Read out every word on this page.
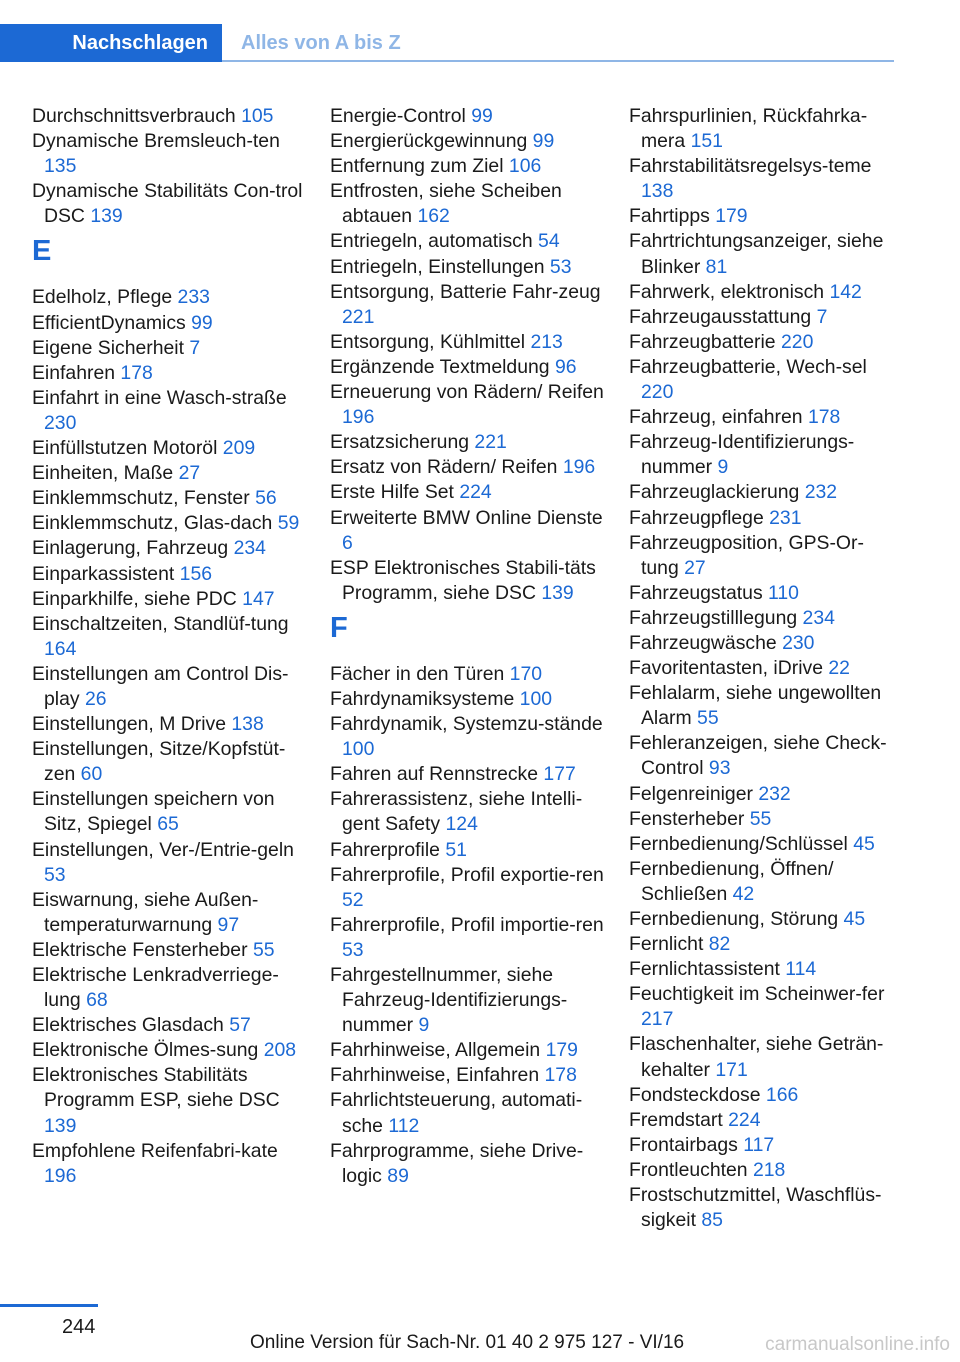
Nachschlagen	Alles von A bis Z
Durchschnittsverbrauch 105
Dynamische Bremsleuch-ten 135
Dynamische Stabilitäts Con-trol DSC 139
E
Edelholz, Pflege 233
EfficientDynamics 99
Eigene Sicherheit 7
Einfahren 178
Einfahrt in eine Wasch-straße 230
Einfüllstutzen Motoröl 209
Einheiten, Maße 27
Einklemmschutz, Fenster 56
Einklemmschutz, Glas-dach 59
Einlagerung, Fahrzeug 234
Einparkassistent 156
Einparkhilfe, siehe PDC 147
Einschaltzeiten, Standlüf-tung 164
Einstellungen am Control Dis-play 26
Einstellungen, M Drive 138
Einstellungen, Sitze/Kopfstüt-zen 60
Einstellungen speichern von Sitz, Spiegel 65
Einstellungen, Ver-/Entrie-geln 53
Eiswarnung, siehe Außen-temperaturwarnung 97
Elektrische Fensterheber 55
Elektrische Lenkradverriege-lung 68
Elektrisches Glasdach 57
Elektronische Ölmes-sung 208
Elektronisches Stabilitäts Programm ESP, siehe DSC 139
Empfohlene Reifenfabri-kate 196
Energie-Control 99
Energierückgewinnung 99
Entfernung zum Ziel 106
Entfrosten, siehe Scheiben abtauen 162
Entriegeln, automatisch 54
Entriegeln, Einstellungen 53
Entsorgung, Batterie Fahr-zeug 221
Entsorgung, Kühlmittel 213
Ergänzende Textmeldung 96
Erneuerung von Rädern/ Reifen 196
Ersatzsicherung 221
Ersatz von Rädern/ Reifen 196
Erste Hilfe Set 224
Erweiterte BMW Online Dienste 6
ESP Elektronisches Stabili-täts Programm, siehe DSC 139
F
Fächer in den Türen 170
Fahrdynamiksysteme 100
Fahrdynamik, Systemzu-stände 100
Fahren auf Rennstrecke 177
Fahrerassistenz, siehe Intelli-gent Safety 124
Fahrerprofile 51
Fahrerprofile, Profil exportie-ren 52
Fahrerprofile, Profil importie-ren 53
Fahrgestellnummer, siehe Fahrzeug-Identifizierungs-nummer 9
Fahrhinweise, Allgemein 179
Fahrhinweise, Einfahren 178
Fahrlichtsteuerung, automati-sche 112
Fahrprogramme, siehe Drive-logic 89
Fahrspurlinien, Rückfahrka-mera 151
Fahrstabilitätsregelsys-teme 138
Fahrtipps 179
Fahrtrichtungsanzeiger, siehe Blinker 81
Fahrwerk, elektronisch 142
Fahrzeugausstattung 7
Fahrzeugbatterie 220
Fahrzeugbatterie, Wech-sel 220
Fahrzeug, einfahren 178
Fahrzeug-Identifizierungs-nummer 9
Fahrzeuglackierung 232
Fahrzeugpflege 231
Fahrzeugposition, GPS-Or-tung 27
Fahrzeugstatus 110
Fahrzeugstilllegung 234
Fahrzeugwäsche 230
Favoritentasten, iDrive 22
Fehlalarm, siehe ungewollten Alarm 55
Fehleranzeigen, siehe Check-Control 93
Felgenreiniger 232
Fensterheber 55
Fernbedienung/Schlüssel 45
Fernbedienung, Öffnen/ Schließen 42
Fernbedienung, Störung 45
Fernlicht 82
Fernlichtassistent 114
Feuchtigkeit im Scheinwer-fer 217
Flaschenhalter, siehe Geträn-kehalter 171
Fondsteckdose 166
Fremdstart 224
Frontairbags 117
Frontleuchten 218
Frostschutzmittel, Waschflüs-sigkeit 85
244
Online Version für Sach-Nr. 01 40 2 975 127 - VI/16	carmanualsonline.info
